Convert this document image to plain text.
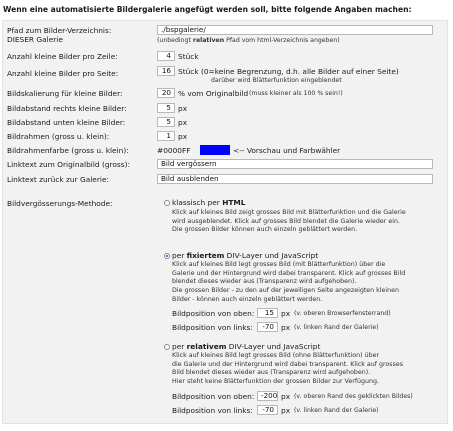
Wenn eine automatisierte Bildergalerie angefügt werden soll, bitte folgende Angaben machen:
Pfad zum Bilder-Verzeichnis:
DIESER Galerie
./bspgalerie/
(unbedingt relativen Pfad vom html-Verzeichnis angeben)
Anzahl kleine Bilder pro Zeile:	4 Stück
Anzahl kleine Bilder pro Seite:	16 Stück (0=keine Begrenzung, d.h. alle Bilder auf einer Seite)
darüber wird Blätterfunktion eingeblendet
Bildskalierung für kleine Bilder:	20 % vom Originalbild (muss kleiner als 100 % sein!)
Bildabstand rechts kleine Bilder:	5 px
Bildabstand unten kleine Bilder:	5 px
Bildrahmen (gross u. klein):	1 px
Bildrahmenfarbe (gross u. klein):	#0000FF	<-- Vorschau und Farbwähler
Linktext zum Originalbild (gross):	Bild vergössern
Linktext zurück zur Galerie:	Bild ausblenden
Bildvergösserungs-Methode:	klassisch per HTML
Klick auf kleines Bild zeigt grosses Bild mit Blätterfunktion und die Galerie
wird ausgeblendet. Klick auf grosses Bild blendet die Galerie wieder ein.
Die grossen Bilder können auch einzeln geblättert werden.
per fixiertem DIV-Layer und JavaScript
Klick auf kleines Bild legt grosses Bild (mit Blätterfunktion) über die
Galerie und der Hintergrund wird dabei transparent. Klick auf grosses Bild
blendet dieses wieder aus (Transparenz wird aufgehoben).
Die grossen Bilder - zu den auf der jeweiligen Seite angezeigten kleinen
Bilder - können auch einzeln geblättert werden.
Bildposition von oben:	15 px (v. oberen Browserfensterrand)
Bildposition von links:	-70 px (v. linken Rand der Galerie)
per relativem DIV-Layer und JavaScript
Klick auf kleines Bild legt grosses Bild (ohne Blätterfunktion) über
die Galerie und der Hintergrund wird dabei transparent. Klick auf grosses
Bild blendet dieses wieder aus (Transparenz wird aufgehoben).
Hier steht keine Blätterfunktion der grossen Bilder zur Verfügung.
Bildposition von oben: -200 px (v. oberen Rand des geklickten Bildes)
Bildposition von links:	-70 px (v. linken Rand der Galerie)
